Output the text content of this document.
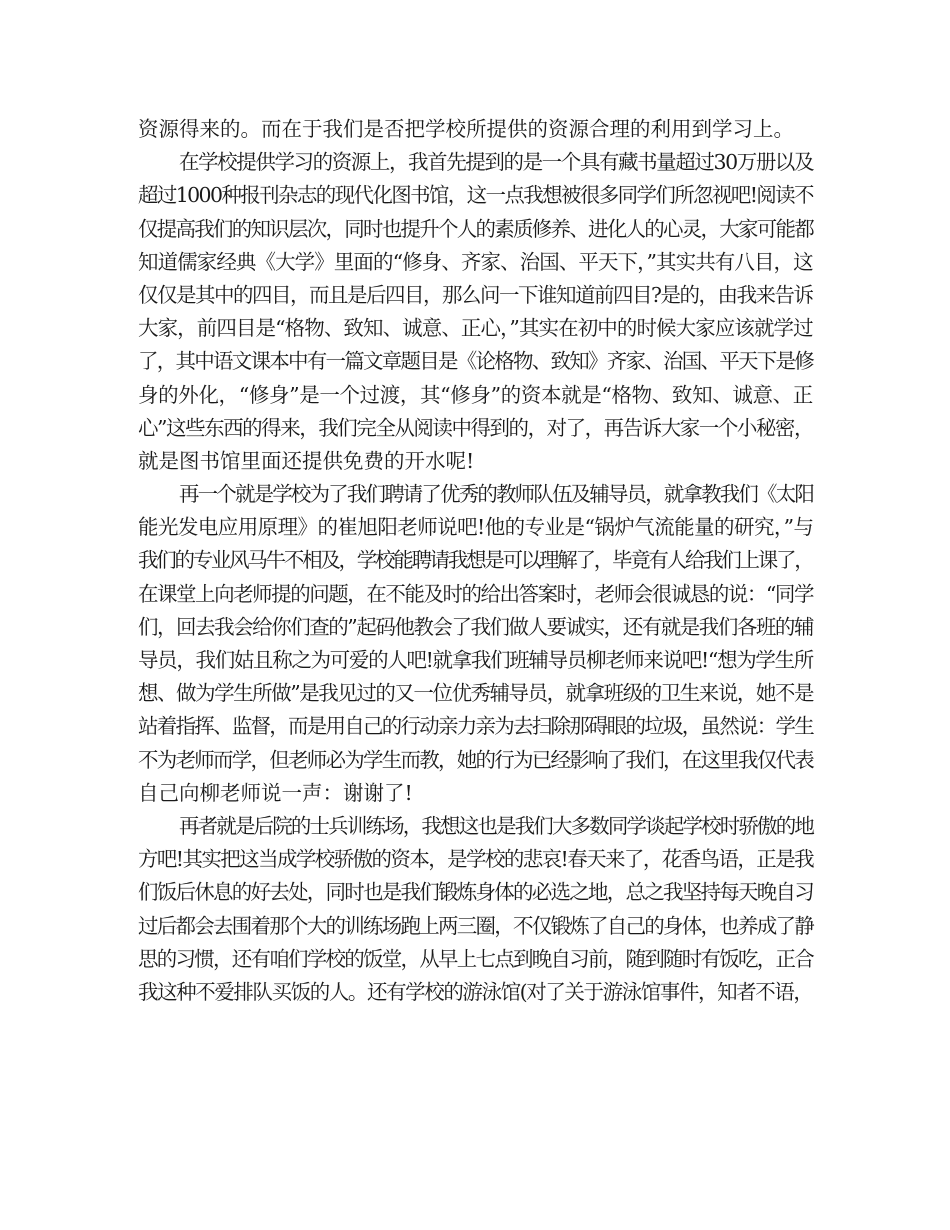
资源得来的。而在于我们是否把学校所提供的资源合理的利用到学习上。
在学校提供学习的资源上，我首先提到的是一个具有藏书量超过30万册以及
超过1000种报刊杂志的现代化图书馆，这一点我想被很多同学们所忽视吧!阅读不
仅提高我们的知识层次，同时也提升个人的素质修养、进化人的心灵，大家可能都
知道儒家经典《大学》里面的“修身、齐家、治国、平天下，”其实共有八目，这
仅仅是其中的四目，而且是后四目，那么问一下谁知道前四目?是的，由我来告诉
大家，前四目是“格物、致知、诚意、正心，”其实在初中的时候大家应该就学过
了，其中语文课本中有一篇文章题目是《论格物、致知》齐家、治国、平天下是修
身的外化，“修身”是一个过渡，其“修身”的资本就是“格物、致知、诚意、正
心”这些东西的得来，我们完全从阅读中得到的，对了，再告诉大家一个小秘密，
就是图书馆里面还提供免费的开水呢!
再一个就是学校为了我们聘请了优秀的教师队伍及辅导员，就拿教我们《太阳
能光发电应用原理》的崔旭阳老师说吧!他的专业是“锅炉气流能量的研究，”与
我们的专业风马牛不相及，学校能聘请我想是可以理解了，毕竟有人给我们上课了，
在课堂上向老师提的问题，在不能及时的给出答案时，老师会很诚恳的说：“同学
们，回去我会给你们查的”起码他教会了我们做人要诚实，还有就是我们各班的辅
导员，我们姑且称之为可爱的人吧!就拿我们班辅导员柳老师来说吧!“想为学生所
想、做为学生所做”是我见过的又一位优秀辅导员，就拿班级的卫生来说，她不是
站着指挥、监督，而是用自己的行动亲力亲为去扫除那碍眼的垃圾，虽然说：学生
不为老师而学，但老师必为学生而教，她的行为已经影响了我们，在这里我仅代表
自己向柳老师说一声：谢谢了!
再者就是后院的士兵训练场，我想这也是我们大多数同学谈起学校时骄傲的地
方吧!其实把这当成学校骄傲的资本，是学校的悲哀!春天来了，花香鸟语，正是我
们饭后休息的好去处，同时也是我们锻炼身体的必选之地，总之我坚持每天晚自习
过后都会去围着那个大的训练场跑上两三圈，不仅锻炼了自己的身体，也养成了静
思的习惯，还有咱们学校的饭堂，从早上七点到晚自习前，随到随时有饭吃，正合
我这种不爱排队买饭的人。还有学校的游泳馆(对了关于游泳馆事件，知者不语，
